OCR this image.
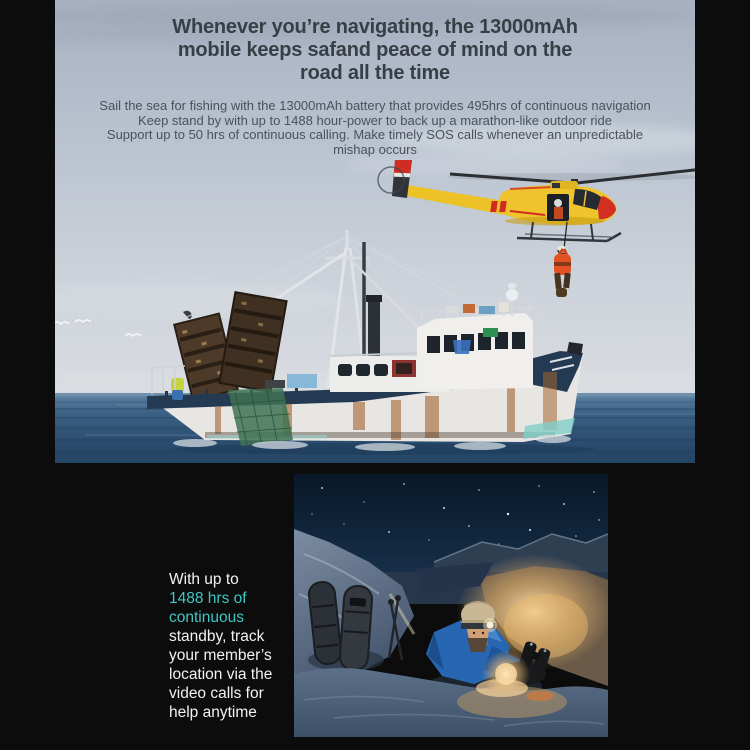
Whenever you’re navigating, the 13000mAh
mobile keeps safand peace of mind on the
road all the time
Sail the sea for fishing with the 13000mAh battery that provides 495hrs of continuous navigation
Keep stand by with up to 1488 hour-power to back up a marathon-like outdoor ride
Support up to 50 hrs of continuous calling. Make timely SOS calls whenever an unpredictable
mishap occurs
With up to
1488 hrs of
continuous
standby, track
your member’s
location via the
video calls for
help anytime
